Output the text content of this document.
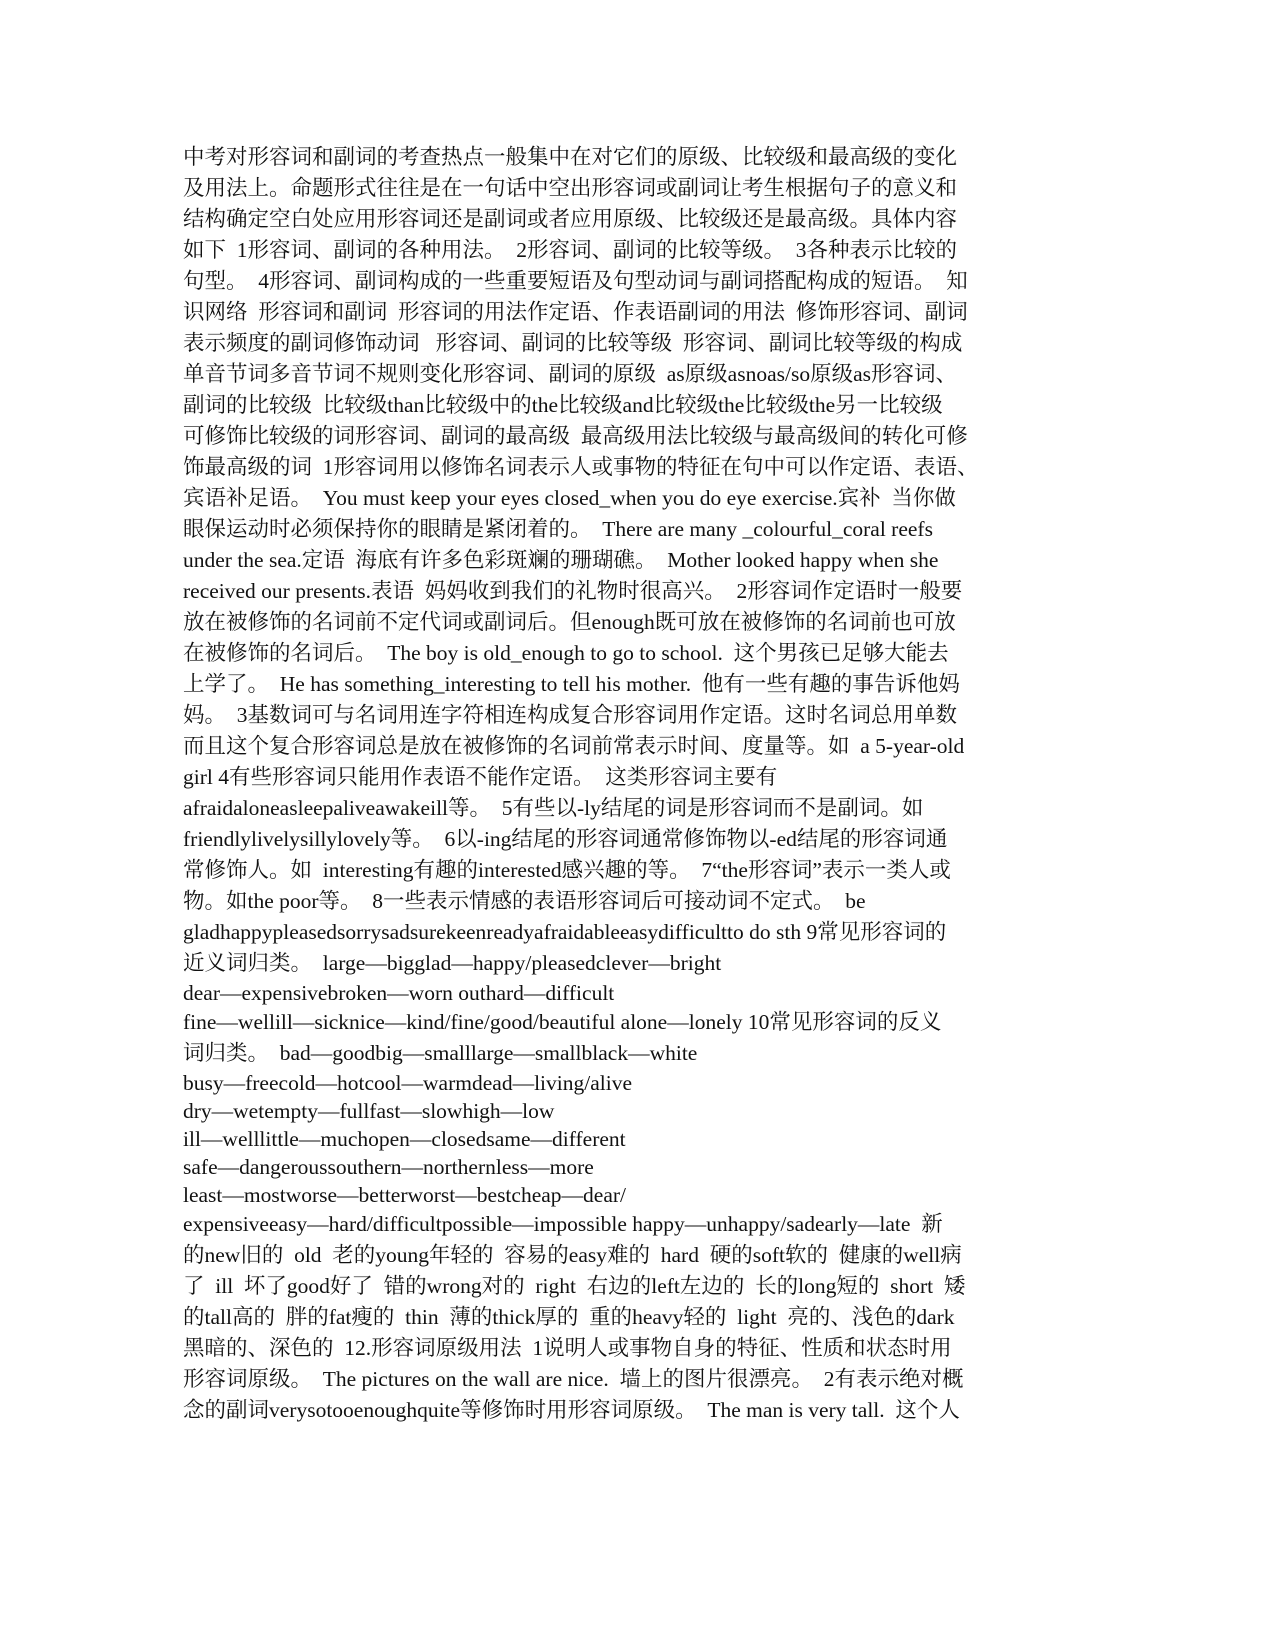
中考对形容词和副词的考查热点一般集中在对它们的原级、比较级和最高级的变化
及用法上。命题形式往往是在一句话中空出形容词或副词让考生根据句子的意义和
结构确定空白处应用形容词还是副词或者应用原级、比较级还是最高级。具体内容
如下  1形容词、副词的各种用法。  2形容词、副词的比较等级。  3各种表示比较的
句型。  4形容词、副词构成的一些重要短语及句型动词与副词搭配构成的短语。  知
识网络  形容词和副词  形容词的用法作定语、作表语副词的用法  修饰形容词、副词
表示频度的副词修饰动词   形容词、副词的比较等级  形容词、副词比较等级的构成
单音节词多音节词不规则变化形容词、副词的原级  as原级asnoas/so原级as形容词、
副词的比较级  比较级than比较级中的the比较级and比较级the比较级the另一比较级
可修饰比较级的词形容词、副词的最高级  最高级用法比较级与最高级间的转化可修
饰最高级的词  1形容词用以修饰名词表示人或事物的特征在句中可以作定语、表语、
宾语补足语。  You must keep your eyes closed_when you do eye exercise.宾补  当你做
眼保运动时必须保持你的眼睛是紧闭着的。  There are many _colourful_coral reefs
under the sea.定语  海底有许多色彩斑斓的珊瑚礁。  Mother looked happy when she
received our presents.表语  妈妈收到我们的礼物时很高兴。  2形容词作定语时一般要
放在被修饰的名词前不定代词或副词后。但enough既可放在被修饰的名词前也可放
在被修饰的名词后。  The boy is old_enough to go to school.  这个男孩已足够大能去
上学了。  He has something_interesting to tell his mother.  他有一些有趣的事告诉他妈
妈。  3基数词可与名词用连字符相连构成复合形容词用作定语。这时名词总用单数
而且这个复合形容词总是放在被修饰的名词前常表示时间、度量等。如  a 5-year-old
girl 4有些形容词只能用作表语不能作定语。  这类形容词主要有
afraidaloneasleepaliveawakeill等。  5有些以-ly结尾的词是形容词而不是副词。如
friendlylivelysillylovely等。  6以-ing结尾的形容词通常修饰物以-ed结尾的形容词通
常修饰人。如  interesting有趣的interested感兴趣的等。  7“the形容词”表示一类人或
物。如the poor等。  8一些表示情感的表语形容词后可接动词不定式。  be
gladhappypleasedsorrysadsurekeenreadyafraidableeasydifficultto do sth 9常见形容词的
近义词归类。  large—bigglad—happy/pleasedclever—bright
dear—expensivebroken—worn outhard—difficult
fine—wellill—sicknice—kind/fine/good/beautiful alone—lonely 10常见形容词的反义
词归类。  bad—goodbig—smalllarge—smallblack—white
busy—freecold—hotcool—warmdead—living/alive
dry—wetempty—fullfast—slowhigh—low
ill—welllittle—muchopen—closedsame—different
safe—dangeroussouthern—northernless—more
least—mostworse—betterworst—bestcheap—dear/
expensiveeasy—hard/difficultpossible—impossible happy—unhappy/sadearly—late  新
的new旧的  old  老的young年轻的  容易的easy难的  hard  硬的soft软的  健康的well病
了  ill  坏了good好了  错的wrong对的  right  右边的left左边的  长的long短的  short  矮
的tall高的  胖的fat瘦的  thin  薄的thick厚的  重的heavy轻的  light  亮的、浅色的dark
黑暗的、深色的  12.形容词原级用法  1说明人或事物自身的特征、性质和状态时用
形容词原级。  The pictures on the wall are nice.  墙上的图片很漂亮。  2有表示绝对概
念的副词verysotooenoughquite等修饰时用形容词原级。  The man is very tall.  这个人
